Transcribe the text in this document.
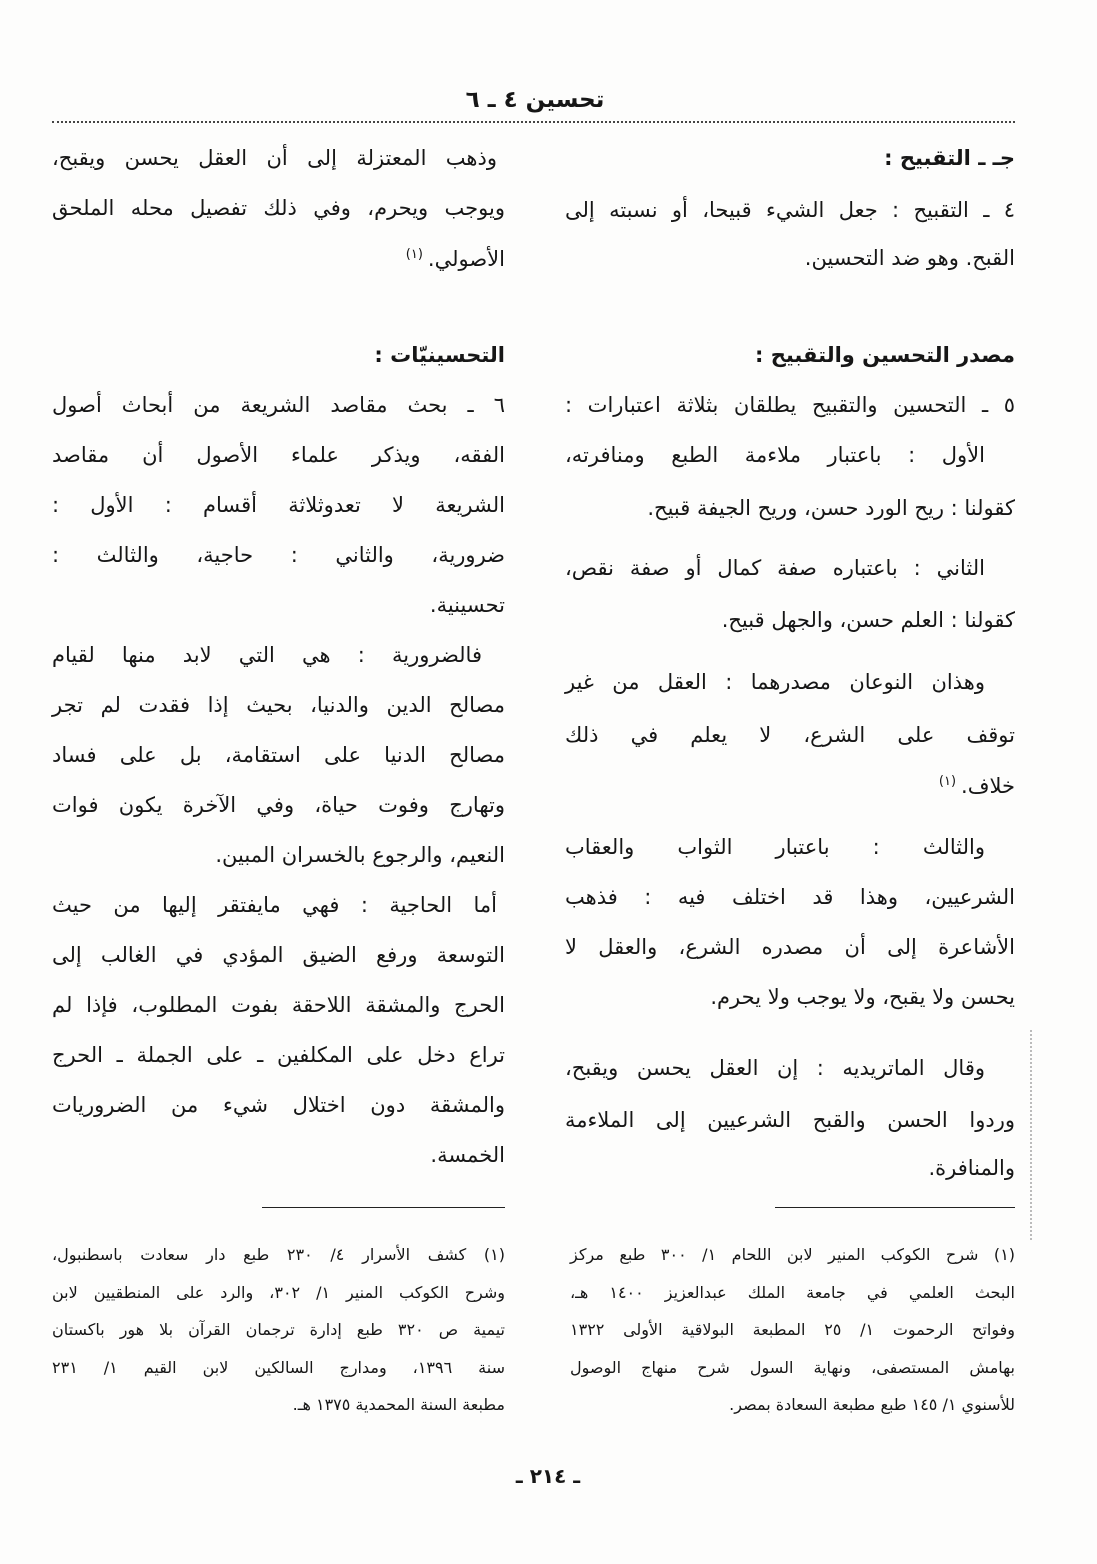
تحسين ٤ ـ ٦
جـ ـ التقبيح :
٤ ـ التقبيح : جعل الشيء قبيحا، أو نسبته إلى
القبح. وهو ضد التحسين.
مصدر التحسين والتقبيح :
٥ ـ التحسين والتقبيح يطلقان بثلاثة اعتبارات :
الأول : باعتبار ملاءمة الطبع ومنافرته،
كقولنا : ريح الورد حسن، وريح الجيفة قبيح.
الثاني : باعتباره صفة كمال أو صفة نقص،
كقولنا : العلم حسن، والجهل قبيح.
وهذان النوعان مصدرهما : العقل من غير
توقف على الشرع، لا يعلم في ذلك
خلاف.$^{(١)}$
والثالث : باعتبار الثواب والعقاب
الشرعيين، وهذا قد اختلف فيه : فذهب
الأشاعرة إلى أن مصدره الشرع، والعقل لا
يحسن ولا يقبح، ولا يوجب ولا يحرم.
وقال الماتريديه : إن العقل يحسن ويقبح،
وردوا الحسن والقبح الشرعيين إلى الملاءمة
والمنافرة.
وذهب المعتزلة إلى أن العقل يحسن ويقبح،
ويوجب ويحرم، وفي ذلك تفصيل محله الملحق
الأصولي.$^{(١)}$
التحسينيّات :
٦ ـ بحث مقاصد الشريعة من أبحاث أصول
الفقه، ويذكر علماء الأصول أن مقاصد
الشريعة لا تعدوثلاثة أقسام : الأول :
ضرورية، والثاني : حاجية، والثالث :
تحسينية.
فالضرورية : هي التي لابد منها لقيام
مصالح الدين والدنيا، بحيث إذا فقدت لم تجر
مصالح الدنيا على استقامة، بل على فساد
وتهارج وفوت حياة، وفي الآخرة يكون فوات
النعيم، والرجوع بالخسران المبين.
أما الحاجية : فهي مايفتقر إليها من حيث
التوسعة ورفع الضيق المؤدي في الغالب إلى
الحرج والمشقة اللاحقة بفوت المطلوب، فإذا لم
تراع دخل على المكلفين ـ على الجملة ـ الحرج
والمشقة دون اختلال شيء من الضروريات
الخمسة.
(١) شرح الكوكب المنير لابن اللحام ١/ ٣٠٠ طبع مركز
البحث العلمي في جامعة الملك عبدالعزيز ١٤٠٠ هـ،
وفواتح الرحموت ١/ ٢٥ المطبعة البولاقية الأولى ١٣٢٢
بهامش المستصفى، ونهاية السول شرح منهاج الوصول
للأسنوي ١/ ١٤٥ طبع مطبعة السعادة بمصر.
(١) كشف الأسرار ٤/ ٢٣٠ طبع دار سعادت باسطنبول،
وشرح الكوكب المنير ١/ ٣٠٢، والرد على المنطقيين لابن
تيمية ص ٣٢٠ طبع إدارة ترجمان القرآن بلا هور باكستان
سنة ١٣٩٦، ومدارج السالكين لابن القيم ١/ ٢٣١
مطبعة السنة المحمدية ١٣٧٥ هـ.
ـ ٢١٤ ـ
